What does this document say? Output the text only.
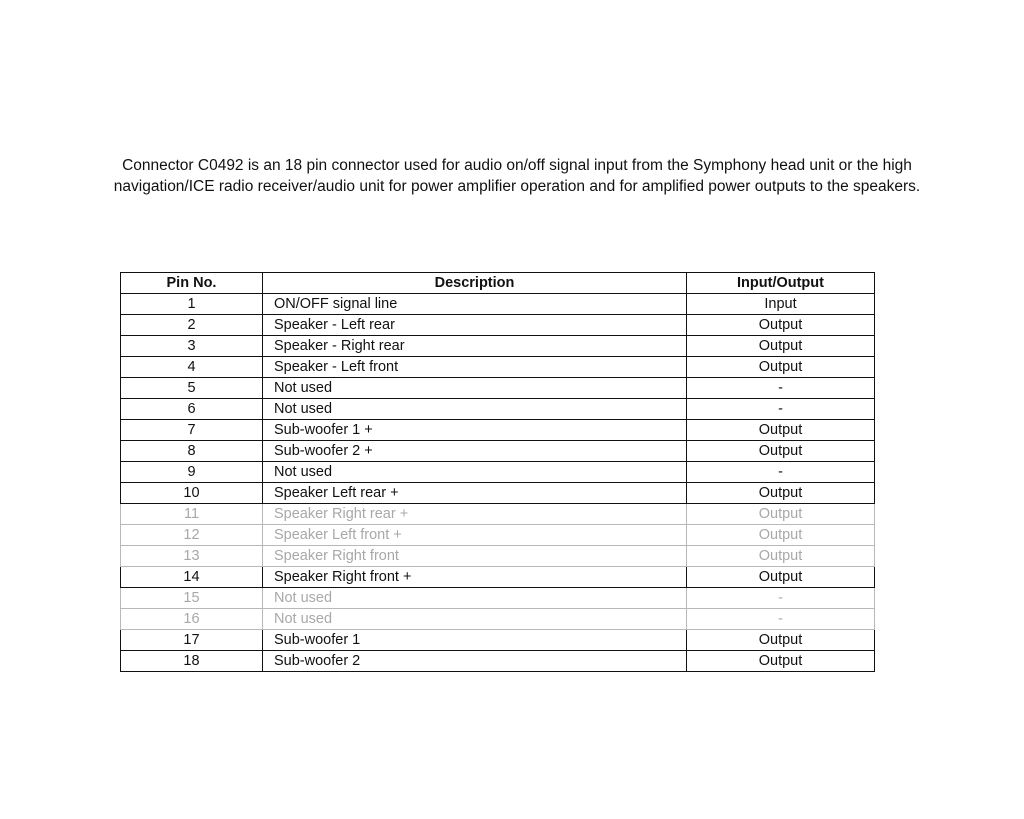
Connector C0492 is an 18 pin connector used for audio on/off signal input from the Symphony head unit or the high
navigation/ICE radio receiver/audio unit for power amplifier operation and for amplified power outputs to the speakers.
Pin No.	Description	Input/Output
1	ON/OFF signal line	Input
2	Speaker - Left rear	Output
3	Speaker - Right rear	Output
4	Speaker - Left front	Output
5	Not used	-
6	Not used	-
7	Sub-woofer 1 +	Output
8	Sub-woofer 2 +	Output
9	Not used	-
10	Speaker Left rear +	Output
11	Speaker Right rear +	Output
12	Speaker Left front +	Output
13	Speaker Right front	Output
14	Speaker Right front +	Output
15	Not used	-
16	Not used	-
17	Sub-woofer 1	Output
18	Sub-woofer 2	Output
